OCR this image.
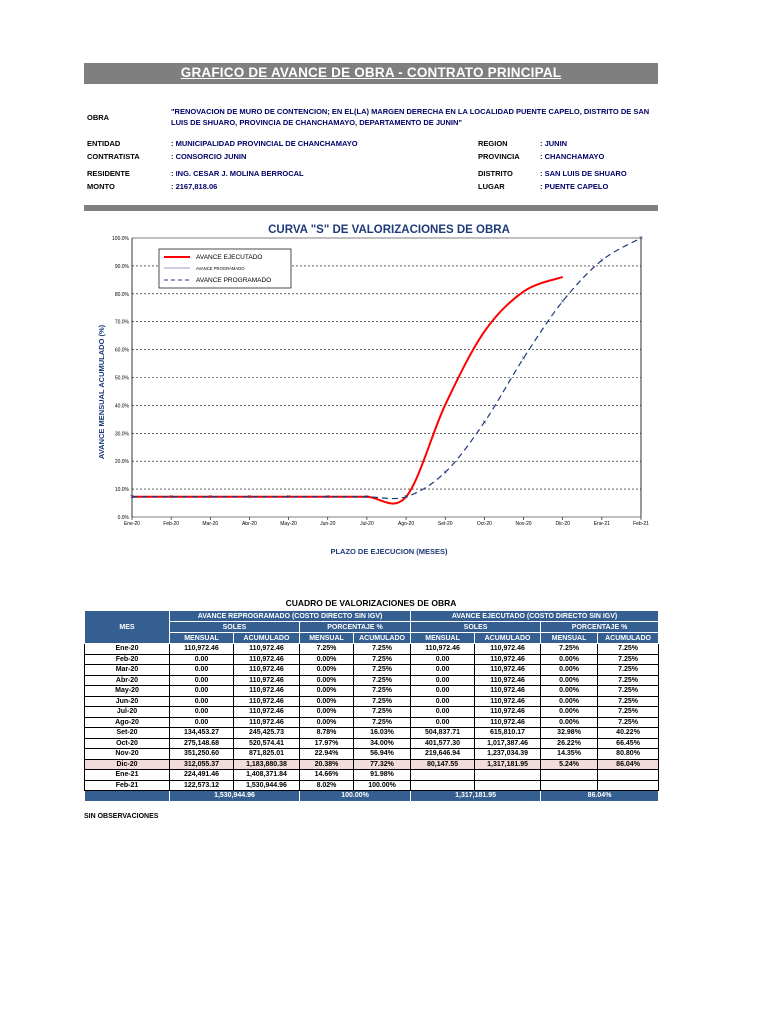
GRAFICO DE AVANCE DE OBRA - CONTRATO PRINCIPAL
OBRA
"RENOVACION DE MURO DE CONTENCION; EN EL(LA) MARGEN DERECHA EN LA LOCALIDAD PUENTE CAPELO, DISTRITO DE SAN LUIS DE SHUARO, PROVINCIA DE CHANCHAMAYO, DEPARTAMENTO DE JUNIN"
ENTIDAD	: MUNICIPALIDAD PROVINCIAL DE CHANCHAMAYO
CONTRATISTA	: CONSORCIO JUNIN
RESIDENTE	: ING. CESAR J. MOLINA BERROCAL
MONTO	: 2167,818.06
REGION	: JUNIN
PROVINCIA	: CHANCHAMAYO
DISTRITO	: SAN LUIS DE SHUARO
LUGAR	: PUENTE CAPELO
CURVA "S" DE VALORIZACIONES DE OBRA
AVANCE MENSUAL ACUMULADO (%)
PLAZO DE EJECUCION (MESES)
0.0%
10.0%
20.0%
30.0%
40.0%
50.0%
60.0%
70.0%
80.0%
90.0%
100.0%
Ene-20	Feb-20	Mar-20	Abr-20	May-20	Jun-20	Jul-20	Ago-20	Set-20	Oct-20	Nov-20	Dic-20	Ene-21	Feb-21
×	×	×	×	×	×	×	×
×
×
×
×
×
×
AVANCE EJECUTADO
AVANCE PROGRAMADO
AVANCE PROGRAMADO
CUADRO DE VALORIZACIONES DE OBRA
MES	AVANCE REPROGRAMADO (COSTO DIRECTO SIN IGV)				AVANCE EJECUTADO (COSTO DIRECTO SIN IGV)			
	SOLES		PORCENTAJE %		SOLES		PORCENTAJE %	
	MENSUAL	ACUMULADO	MENSUAL	ACUMULADO	MENSUAL	ACUMULADO	MENSUAL	ACUMULADO
Ene-20	110,972.46	110,972.46	7.25%	7.25%	110,972.46	110,972.46	7.25%	7.25%
Feb-20	0.00	110,972.46	0.00%	7.25%	0.00	110,972.46	0.00%	7.25%
Mar-20	0.00	110,972.46	0.00%	7.25%	0.00	110,972.46	0.00%	7.25%
Abr-20	0.00	110,972.46	0.00%	7.25%	0.00	110,972.46	0.00%	7.25%
May-20	0.00	110,972.46	0.00%	7.25%	0.00	110,972.46	0.00%	7.25%
Jun-20	0.00	110,972.46	0.00%	7.25%	0.00	110,972.46	0.00%	7.25%
Jul-20	0.00	110,972.46	0.00%	7.25%	0.00	110,972.46	0.00%	7.25%
Ago-20	0.00	110,972.46	0.00%	7.25%	0.00	110,972.46	0.00%	7.25%
Set-20	134,453.27	245,425.73	8.78%	16.03%	504,837.71	615,810.17	32.98%	40.22%
Oct-20	275,148.68	520,574.41	17.97%	34.00%	401,577.30	1,017,387.46	26.22%	66.45%
Nov-20	351,250.60	871,825.01	22.94%	56.94%	219,646.94	1,237,034.39	14.35%	80.80%
Dic-20	312,055.37	1,183,880.38	20.38%	77.32%	80,147.55	1,317,181.95	5.24%	86.04%
Ene-21	224,491.46	1,408,371.84	14.66%	91.98%				
Feb-21	122,573.12	1,530,944.96	8.02%	100.00%				
	1,530,944.96		100.00%		1,317,181.95		86.04%	
SIN OBSERVACIONES
